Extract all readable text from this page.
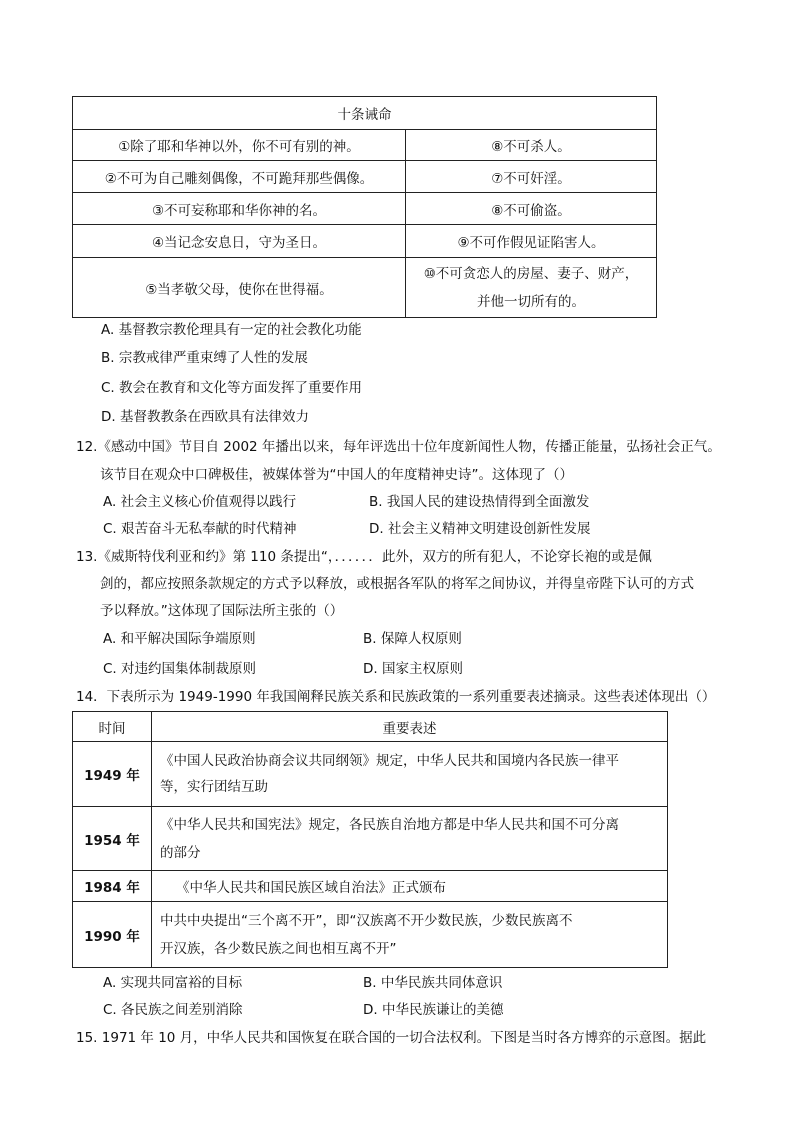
十条诫命	
①除了耶和华神以外，你不可有别的神。	⑧不可杀人。
②不可为自己雕刻偶像，不可跪拜那些偶像。	⑦不可奸淫。
③不可妄称耶和华你神的名。	⑧不可偷盗。
④当记念安息日，守为圣日。	⑨不可作假见证陷害人。
⑤当孝敬父母，使你在世得福。	⑩不可贪恋人的房屋、妻子、财产，
并他一切所有的。
A. 基督教宗教伦理具有一定的社会教化功能
B. 宗教戒律严重束缚了人性的发展
C. 教会在教育和文化等方面发挥了重要作用
D. 基督教教条在西欧具有法律效力
12.《感动中国》节目自 2002 年播出以来，每年评选出十位年度新闻性人物，传播正能量，弘扬社会正气。
该节目在观众中口碑极佳，被媒体誉为“中国人的年度精神史诗”。这体现了（）
A. 社会主义核心价值观得以践行	B. 我国人民的建设热情得到全面激发
C. 艰苦奋斗无私奉献的时代精神	D. 社会主义精神文明建设创新性发展
13.《威斯特伐利亚和约》第 110 条提出“，．．．．．．此外，双方的所有犯人，不论穿长袍的或是佩
剑的，都应按照条款规定的方式予以释放，或根据各军队的将军之间协议，并得皇帝陛下认可的方式
予以释放。”这体现了国际法所主张的（）
A. 和平解决国际争端原则	B. 保障人权原则
C. 对违约国集体制裁原则	D. 国家主权原则
14．下表所示为 1949-1990 年我国阐释民族关系和民族政策的一系列重要表述摘录。这些表述体现出（）
时间	重要表述
1949 年	《中国人民政治协商会议共同纲领》规定，中华人民共和国境内各民族一律平
等，实行团结互助

1954 年	《中华人民共和国宪法》规定，各民族自治地方都是中华人民共和国不可分离
的部分

1984 年	《中华人民共和国民族区域自治法》正式颁布
1990 年	中共中央提出“三个离不开”，即“汉族离不开少数民族，少数民族离不
开汉族，各少数民族之间也相互离不开”
A. 实现共同富裕的目标	B. 中华民族共同体意识
C. 各民族之间差别消除	D. 中华民族谦让的美德
15. 1971 年 10 月，中华人民共和国恢复在联合国的一切合法权利。下图是当时各方博弈的示意图。据此
